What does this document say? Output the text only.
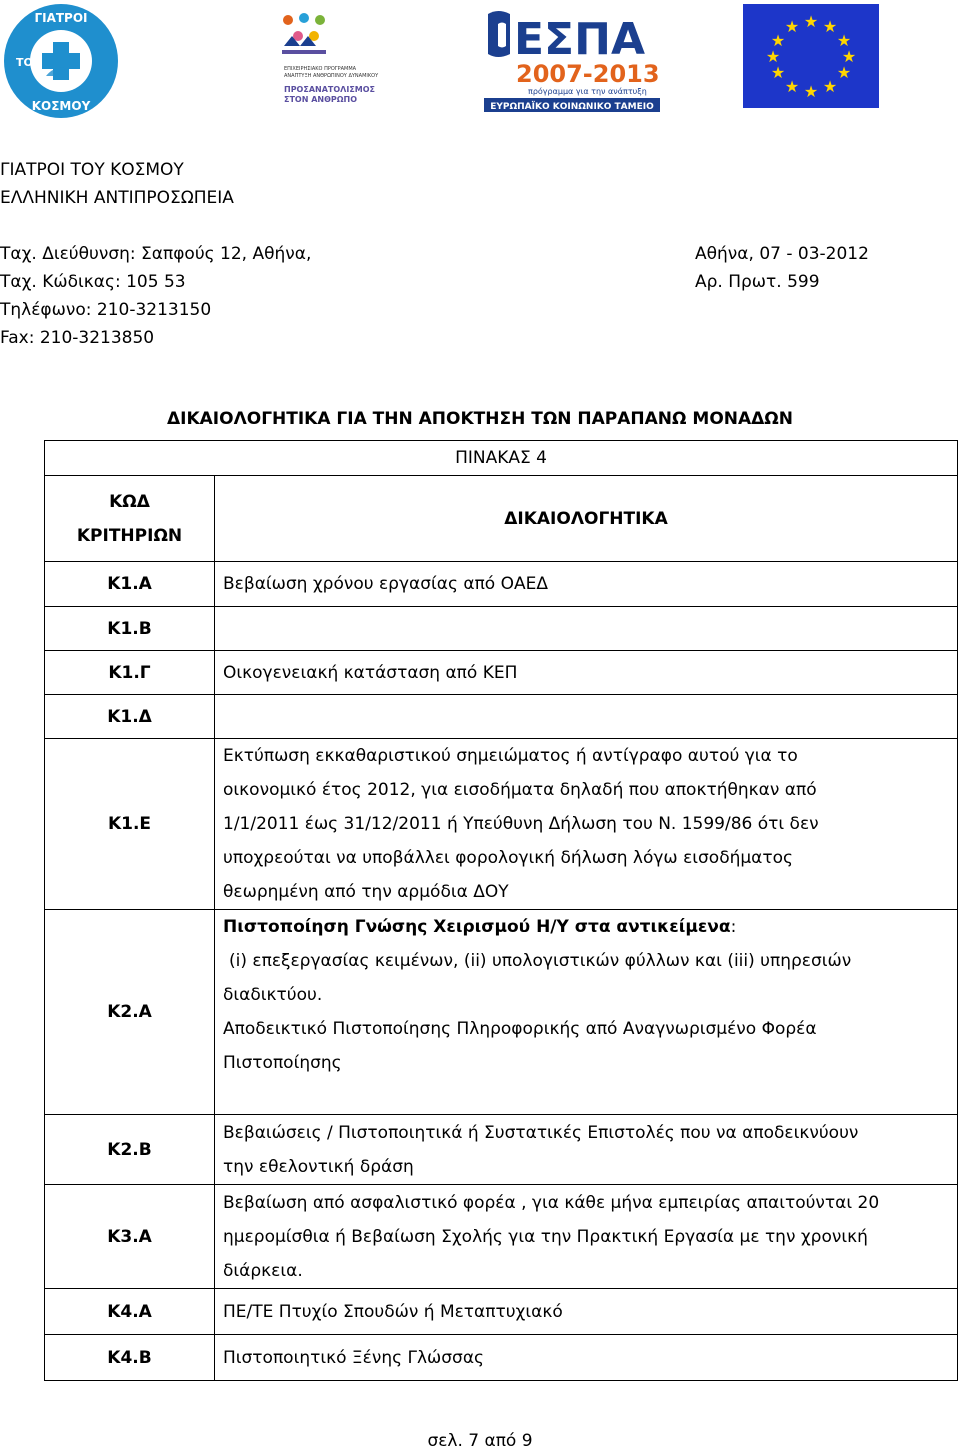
ΓΙΑΤΡΟΙ
ΤΟΥ
ΚΟΣΜΟΥ
ΕΠΙΧΕΙΡΗΣΙΑΚΟ ΠΡΟΓΡΑΜΜΑ
ΑΝΑΠΤΥΞΗ ΑΝΘΡΩΠΙΝΟΥ ΔΥΝΑΜΙΚΟΥ
ΠΡΟΣΑΝΑΤΟΛΙΣΜΟΣ
ΣΤΟΝ ΑΝΘΡΩΠΟ
ΕΣΠΑ
2007-2013
πρόγραμμα για την ανάπτυξη
ΕΥΡΩΠΑΪΚΟ ΚΟΙΝΩΝΙΚΟ ΤΑΜΕΙΟ
★ ★
★
★
★
★
★
★
★
★
★
★
ΓΙΑΤΡΟΙ ΤΟΥ ΚΟΣΜΟΥ
ΕΛΛΗΝΙΚΗ ΑΝΤΙΠΡΟΣΩΠΕΙΑ
Ταχ. Διεύθυνση: Σαπφούς 12, Αθήνα,
Ταχ. Κώδικας: 105 53
Τηλέφωνο: 210-3213150
Fax: 210-3213850
Αθήνα, 07 - 03-2012
Αρ. Πρωτ. 599
ΔΙΚΑΙΟΛΟΓΗΤΙΚΑ ΓΙΑ ΤΗΝ ΑΠΟΚΤΗΣΗ ΤΩΝ ΠΑΡΑΠΑΝΩ ΜΟΝΑΔΩΝ
ΠΙΝΑΚΑΣ 4	

ΚΩΔ
ΚΡΙΤΗΡΙΩΝ	ΔΙΚΑΙΟΛΟΓΗΤΙΚΑ
Κ1.Α	Βεβαίωση χρόνου εργασίας από ΟΑΕΔ
Κ1.Β	
Κ1.Γ	Οικογενειακή κατάσταση από ΚΕΠ
Κ1.Δ	
Κ1.Ε	Εκτύπωση εκκαθαριστικού σημειώματος ή αντίγραφο αυτού για το
οικονομικό έτος 2012, για εισοδήματα δηλαδή που αποκτήθηκαν από
1/1/2011 έως 31/12/2011 ή Υπεύθυνη Δήλωση του Ν. 1599/86 ότι δεν
υποχρεούται να υποβάλλει φορολογική δήλωση λόγω εισοδήματος
θεωρημένη από την αρμόδια ΔΟΥ

Κ2.Α	Πιστοποίηση Γνώσης Χειρισμού Η/Υ στα αντικείμενα:
(i) επεξεργασίας κειμένων, (ii) υπολογιστικών φύλλων και (iii) υπηρεσιών
διαδικτύου.
Αποδεικτικό Πιστοποίησης Πληροφορικής από Αναγνωρισμένο Φορέα
Πιστοποίησης

Κ2.Β	Βεβαιώσεις / Πιστοποιητικά ή Συστατικές Επιστολές που να αποδεικνύουν
την εθελοντική δράση

Κ3.Α	Βεβαίωση από ασφαλιστικό φορέα , για κάθε μήνα εμπειρίας απαιτούνται 20
ημερομίσθια ή Βεβαίωση Σχολής για την Πρακτική Εργασία με την χρονική
διάρκεια.

Κ4.Α	ΠΕ/ΤΕ Πτυχίο Σπουδών ή Μεταπτυχιακό
Κ4.Β	Πιστοποιητικό Ξένης Γλώσσας
σελ. 7 από 9
